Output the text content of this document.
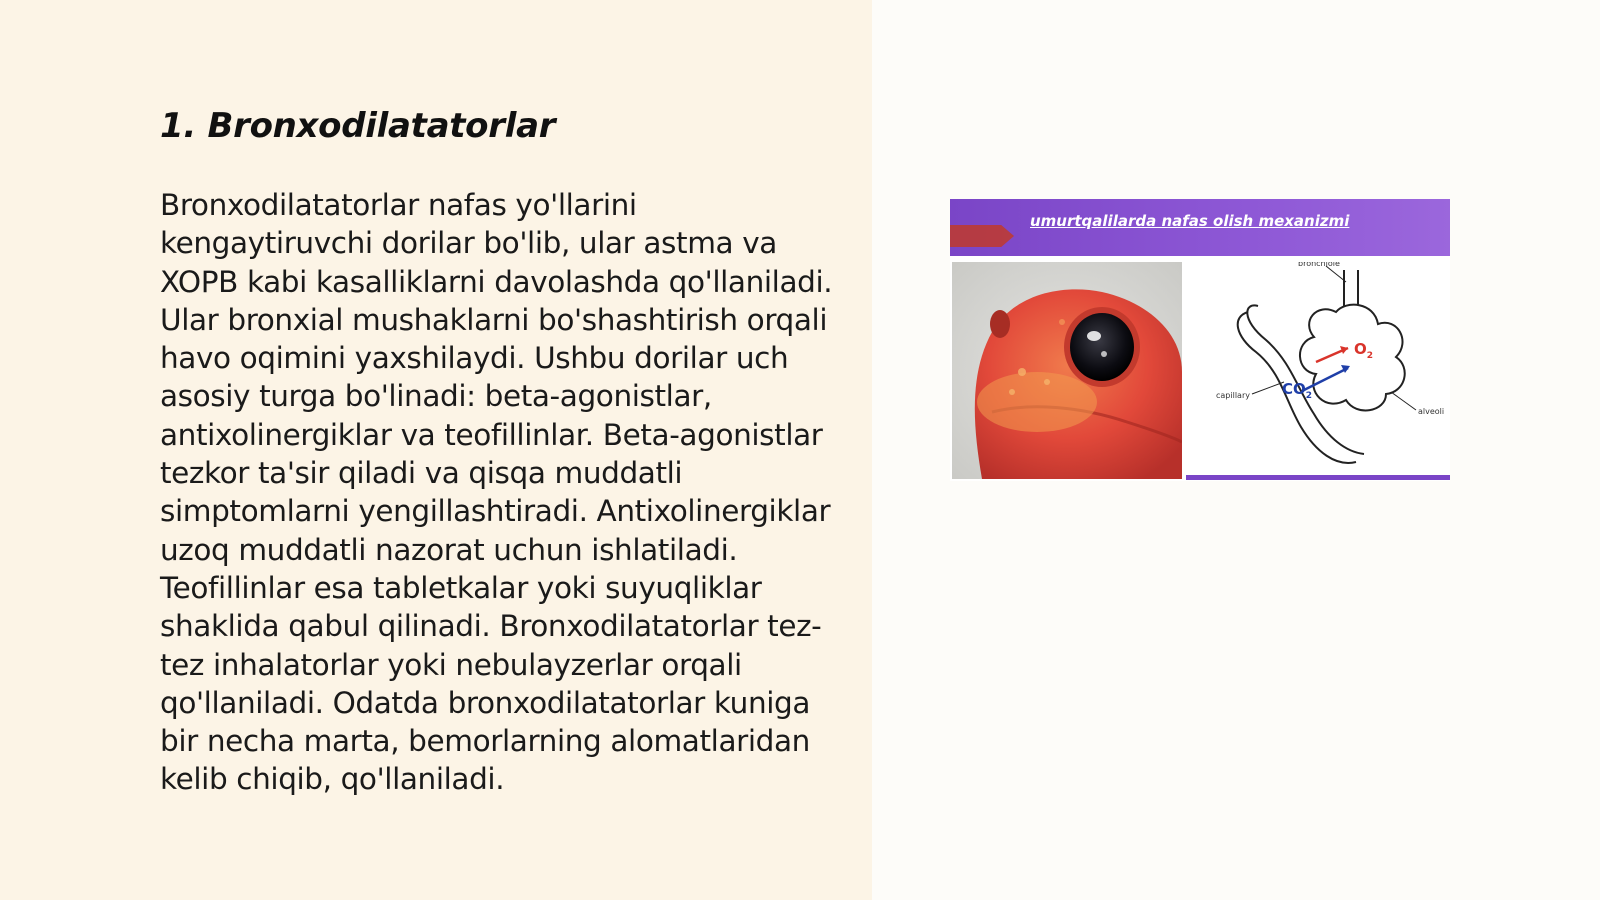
1. Bronxodilatatorlar

Bronxodilatatorlar nafas yo'llarini kengaytiruvchi dorilar bo'lib, ular astma va XOPB kabi kasalliklarni davolashda qo'llaniladi. Ular bronxial mushaklarni bo'shashtirish orqali havo oqimini yaxshilaydi. Ushbu dorilar uch asosiy turga bo'linadi: beta-agonistlar, antixolinergiklar va teofillinlar. Beta-agonistlar tezkor ta'sir qiladi va qisqa muddatli simptomlarni yengillashtiradi. Antixolinergiklar uzoq muddatli nazorat uchun ishlatiladi. Teofillinlar esa tabletkalar yoki suyuqliklar shaklida qabul qilinadi. Bronxodilatatorlar tez-tez inhalatorlar yoki nebulayzerlar orqali qo'llaniladi. Odatda bronxodilatatorlar kuniga bir necha marta, bemorlarning alomatlaridan kelib chiqib, qo'llaniladi.

umurtqalilarda nafas olish mexanizmi
bronchiole
$O_2$
$CO_2$
capillary
alveoli
